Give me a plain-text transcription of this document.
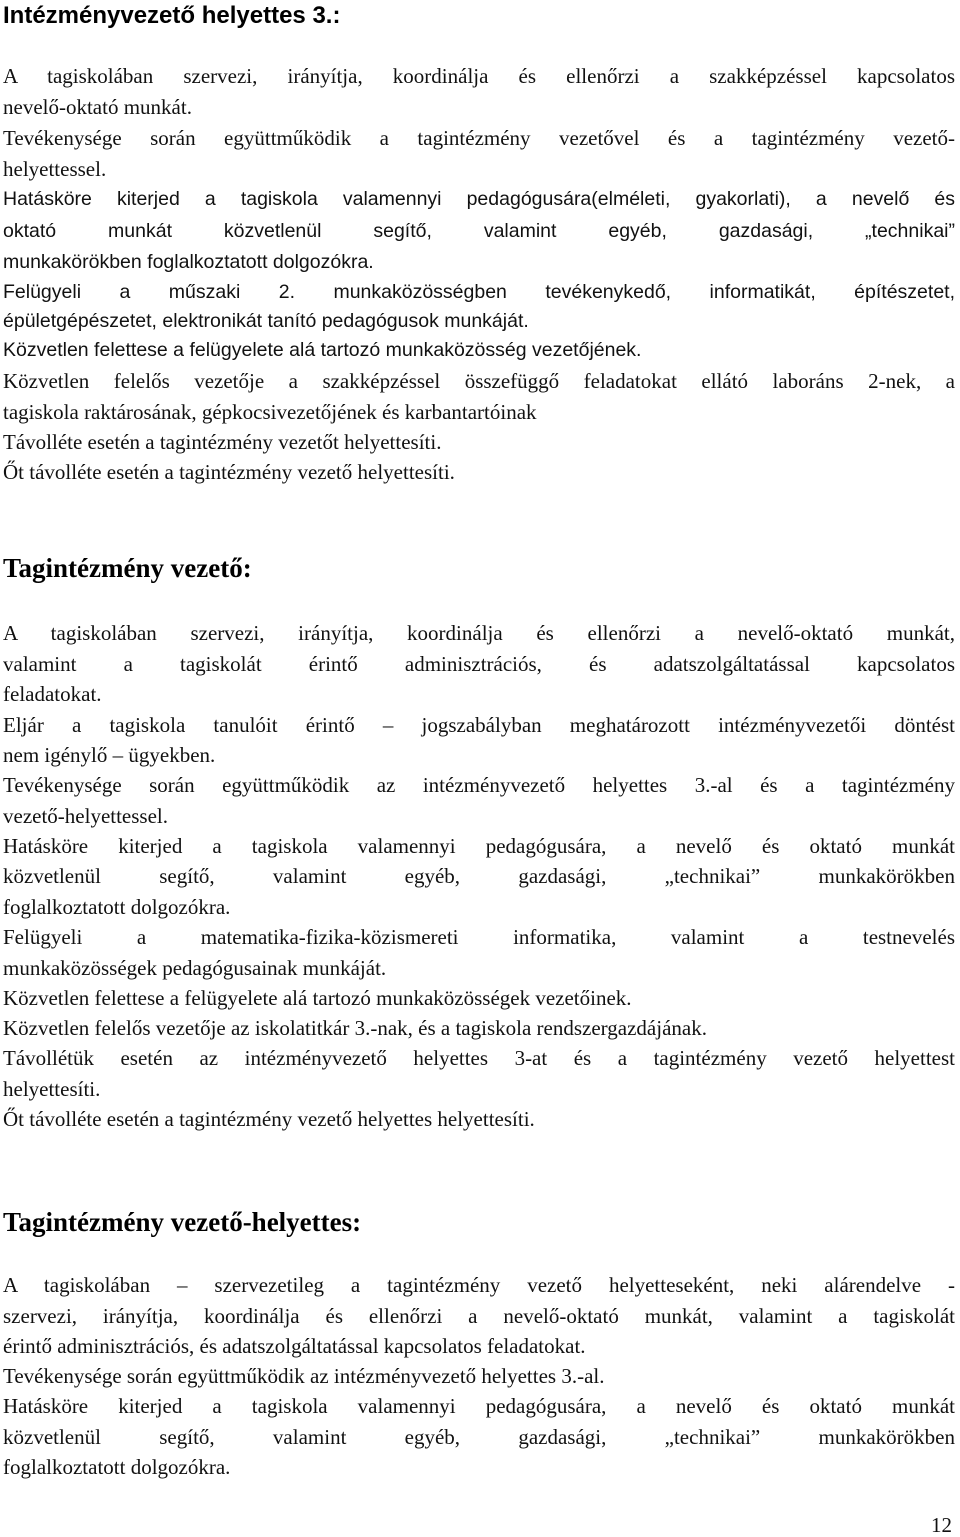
Intézményvezető helyettes 3.:
A tagiskolában szervezi, irányítja, koordinálja és ellenőrzi a szakképzéssel kapcsolatos
nevelő-oktató munkát.
Tevékenysége során együttműködik a tagintézmény vezetővel és a tagintézmény vezető-
helyettessel.
Hatásköre kiterjed a tagiskola valamennyi pedagógusára(elméleti, gyakorlati), a nevelő és
oktató munkát közvetlenül segítő, valamint egyéb, gazdasági, „technikai”
munkakörökben foglalkoztatott dolgozókra.
Felügyeli a műszaki 2. munkaközösségben tevékenykedő, informatikát, építészetet,
épületgépészetet, elektronikát tanító pedagógusok munkáját.
Közvetlen felettese a felügyelete alá tartozó munkaközösség vezetőjének.
Közvetlen felelős vezetője a szakképzéssel összefüggő feladatokat ellátó laboráns 2-nek, a
tagiskola raktárosának, gépkocsivezetőjének és karbantartóinak
Távolléte esetén a tagintézmény vezetőt helyettesíti.
Őt távolléte esetén a tagintézmény vezető helyettesíti.
Tagintézmény vezető:
A tagiskolában szervezi, irányítja, koordinálja és ellenőrzi a nevelő-oktató munkát,
valamint a tagiskolát érintő adminisztrációs, és adatszolgáltatással kapcsolatos
feladatokat.
Eljár a tagiskola tanulóit érintő – jogszabályban meghatározott intézményvezetői döntést
nem igénylő – ügyekben.
Tevékenysége során együttműködik az intézményvezető helyettes 3.-al és a tagintézmény
vezető-helyettessel.
Hatásköre kiterjed a tagiskola valamennyi pedagógusára, a nevelő és oktató munkát
közvetlenül segítő, valamint egyéb, gazdasági, „technikai” munkakörökben
foglalkoztatott dolgozókra.
Felügyeli a matematika-fizika-közismereti informatika, valamint a testnevelés
munkaközösségek pedagógusainak munkáját.
Közvetlen felettese a felügyelete alá tartozó munkaközösségek vezetőinek.
Közvetlen felelős vezetője az iskolatitkár 3.-nak, és a tagiskola rendszergazdájának.
Távollétük esetén az intézményvezető helyettes 3-at és a tagintézmény vezető helyettest
helyettesíti.
Őt távolléte esetén a tagintézmény vezető helyettes helyettesíti.
Tagintézmény vezető-helyettes:
A tagiskolában – szervezetileg a tagintézmény vezető helyetteseként, neki alárendelve -
szervezi, irányítja, koordinálja és ellenőrzi a nevelő-oktató munkát, valamint a tagiskolát
érintő adminisztrációs, és adatszolgáltatással kapcsolatos feladatokat.
Tevékenysége során együttműködik az intézményvezető helyettes 3.-al.
Hatásköre kiterjed a tagiskola valamennyi pedagógusára, a nevelő és oktató munkát
közvetlenül segítő, valamint egyéb, gazdasági, „technikai” munkakörökben
foglalkoztatott dolgozókra.
12
